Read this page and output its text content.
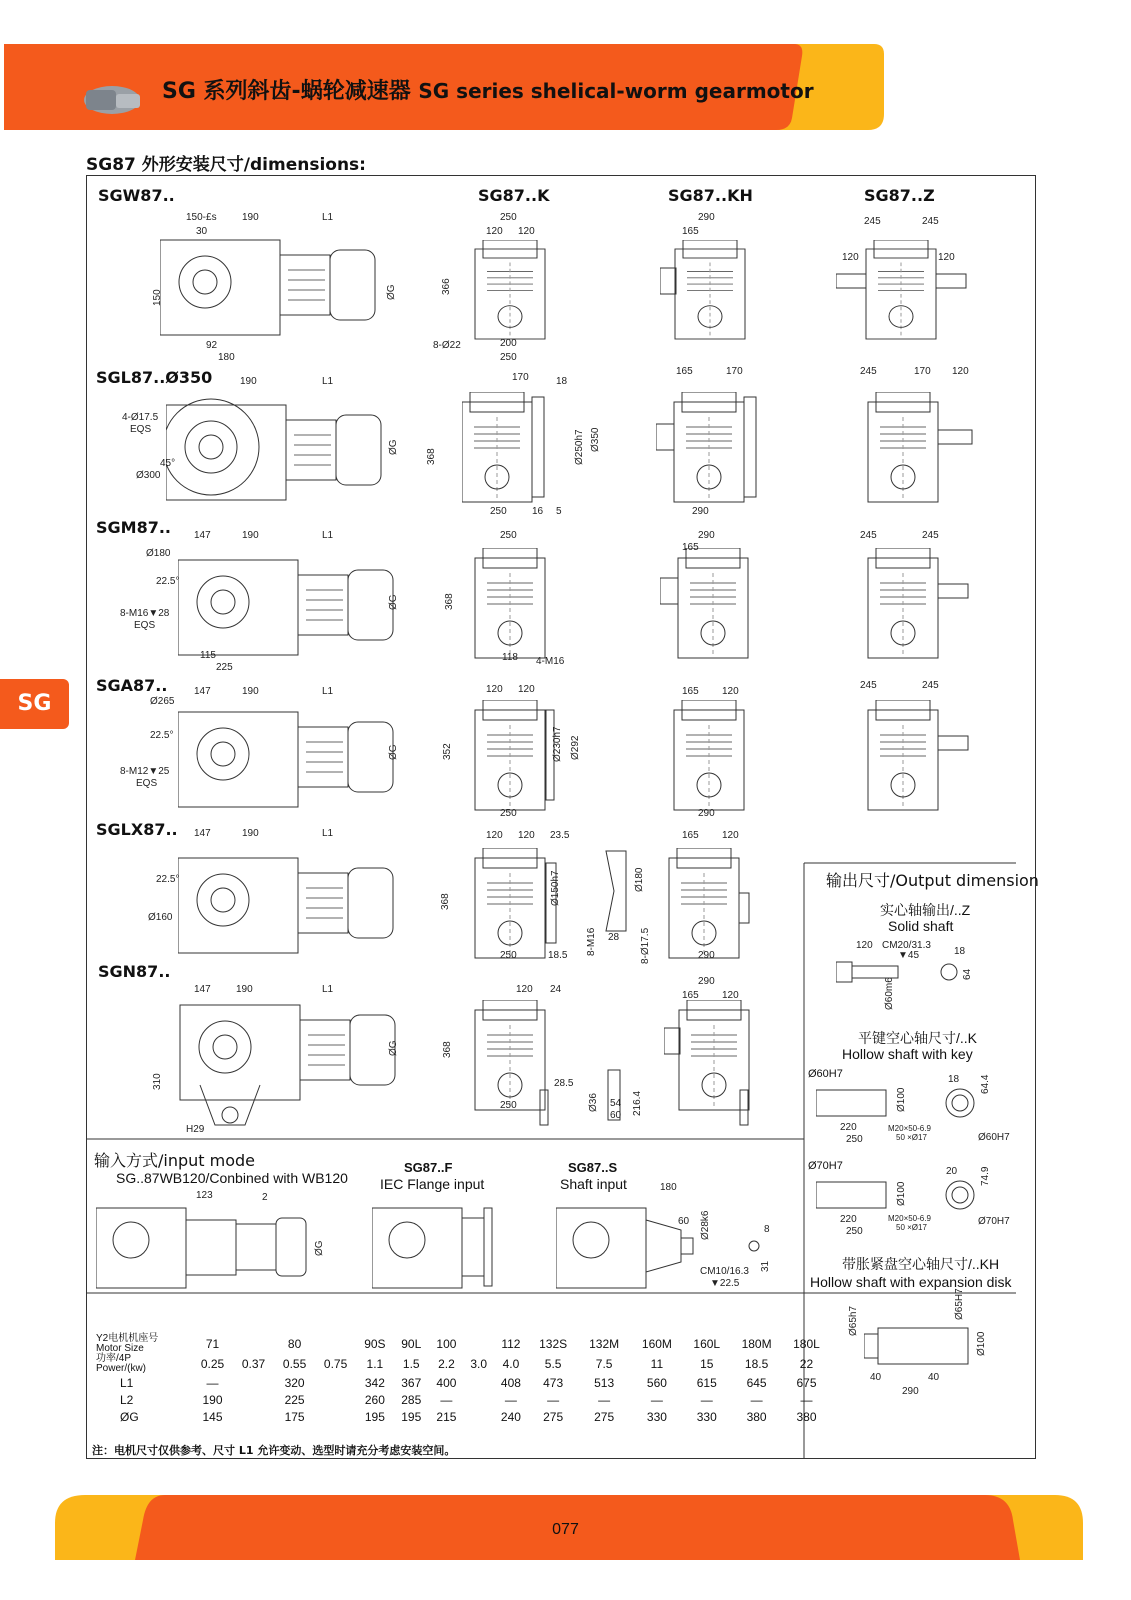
SG 系列斜齿-蜗轮减速器 SG series shelical-worm gearmotor
SG87 外形安装尺寸/dimensions:
SG
SGW87..	SG87..K	SG87..KH	SG87..Z
SGL87..Ø350
SGM87..
SGA87..
SGLX87..
SGN87..
150-£s	190	L1
30
92
180
150	ØG
250
120 120
8-Ø22	200
250
366
290
165
245	245
120	120
190	L1
4-Ø17.5
EQS
45°
Ø300
ØG
170	18
368	Ø250h7 Ø350
250	16 5
165	170
290
245	170 120
147	190	L1
Ø180
22.5°
8-M16▼28
EQS
115
225
ØG
250
368
118 4-M16
290
165
245	245
147	190	L1
Ø265
22.5°
8-M12▼25
EQS
ØG
120 120
352	Ø230h7 Ø292
250
165 120
290
245	245
147	190	L1
22.5°
Ø160
120 120 23.5
368	Ø150h7
250	18.5 8-M16
Ø180
28 8-Ø17.5
165 120
290
147	190	L1
310
H29
ØG
120 24
368
28.5
250	Ø36 54
60 216.4
290
165 120
输入方式/input mode
SG..87WB120/Conbined with WB120
SG87..F
IEC Flange input
SG87..S
Shaft input
123	2
ØG
180
60 Ø28k6	8
31
CM10/16.3
▼22.5
输出尺寸/Output dimension
实心轴输出/..Z
Solid shaft
120 CM20/31.3
▼45	18
64
Ø60m6
平键空心轴尺寸/..K
Hollow shaft with key
Ø60H7	18 64.4
Ø100
220
250
M20×50-6.9
50 ×Ø17	Ø60H7
Ø70H7	20 74.9
Ø100
220
250
M20×50-6.9
50 ×Ø17
Ø70H7
带胀紧盘空心轴尺寸/..KH
Hollow shaft with expansion disk
Ø65h7
Ø65H7
Ø100
40	40
290
Y2电机机座号
Motor Size	71		80		90S	90L	100		112	132S	132M	160M	160L	180M	180L
功率/4P
Power/(kw)	0.25	0.37	0.55	0.75	1.1	1.5	2.2	3.0	4.0	5.5	7.5	11	15	18.5	22
L1	—		320		342	367	400		408	473	513	560	615	645	675
L2	190		225		260	285	—		—	—	—	—	—	—	—
ØG	145		175		195	195	215		240	275	275	330	330	380	380
注：电机尺寸仅供参考、尺寸 L1 允许变动、选型时请充分考虑安装空间。
077
